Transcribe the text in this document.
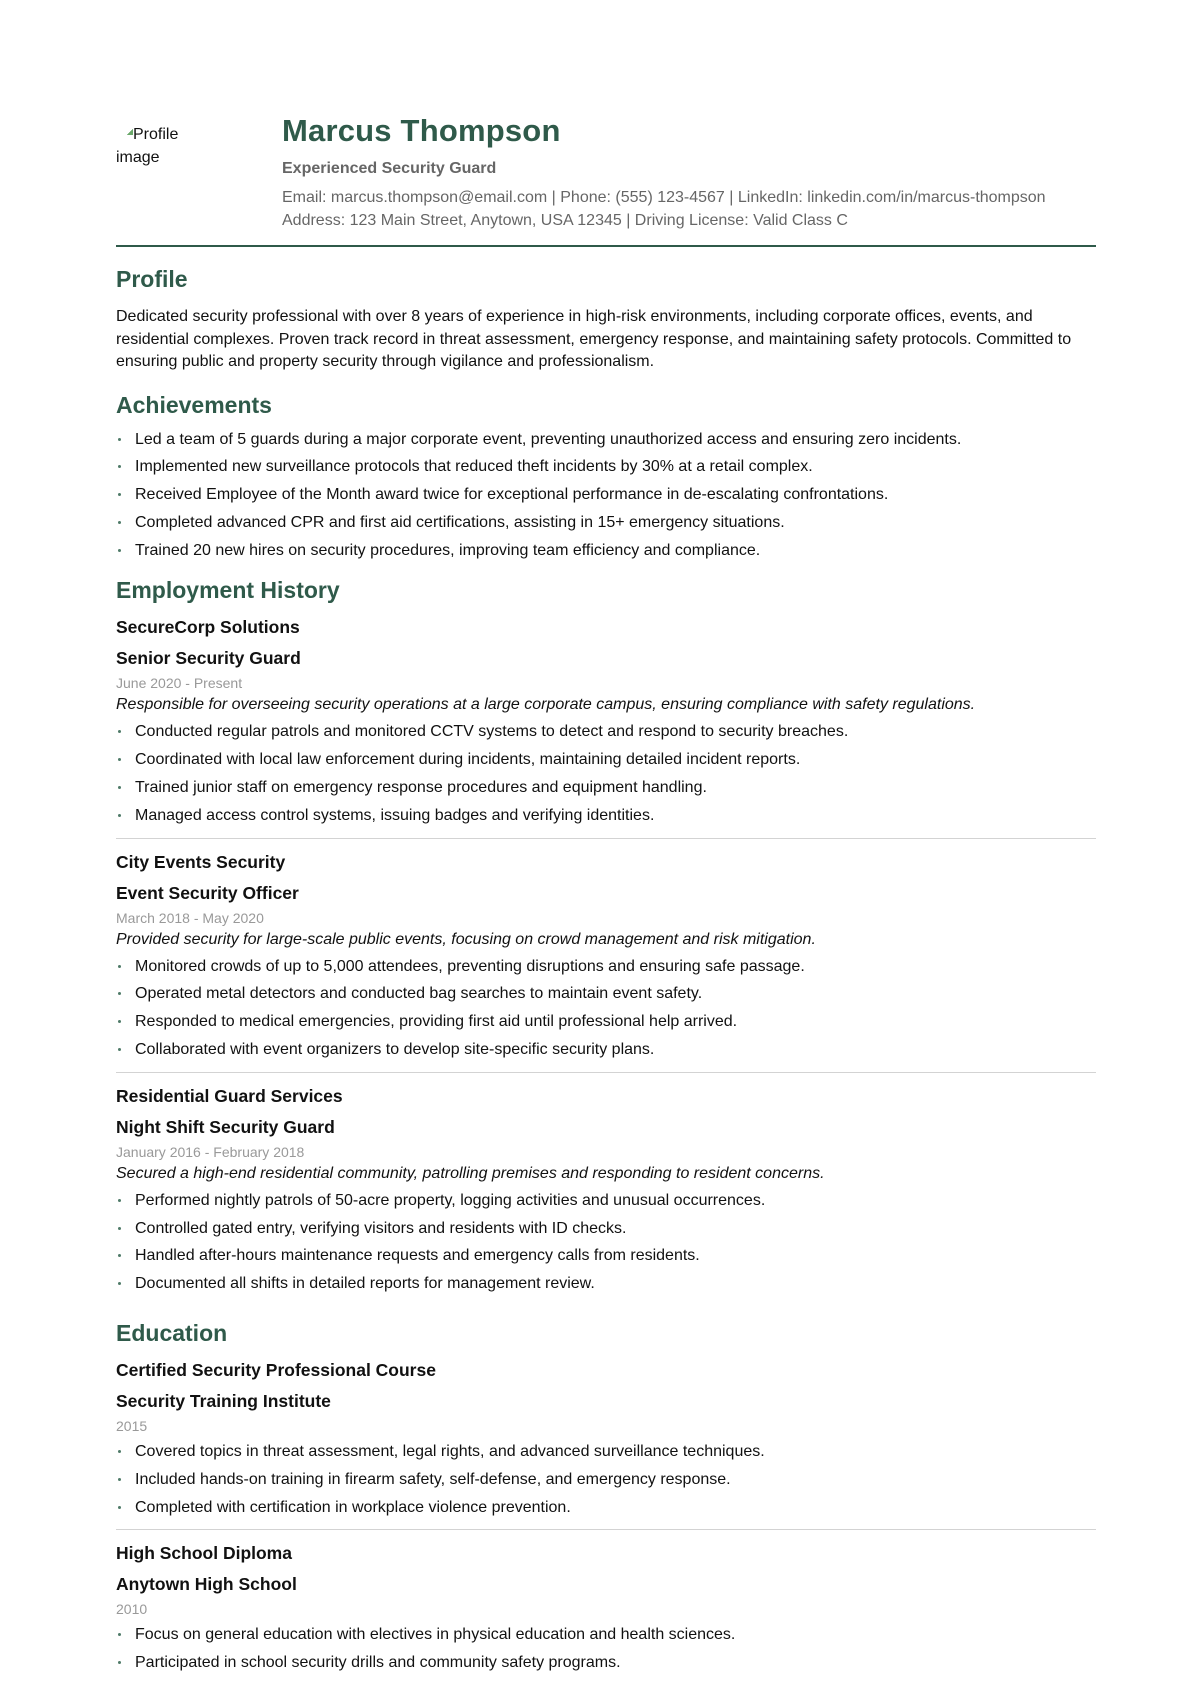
Profile
image
Marcus Thompson
Experienced Security Guard
Email: marcus.thompson@email.com | Phone: (555) 123-4567 | LinkedIn: linkedin.com/in/marcus-thompson
Address: 123 Main Street, Anytown, USA 12345 | Driving License: Valid Class C
Profile

Dedicated security professional with over 8 years of experience in high-risk environments, including corporate offices, events, and residential complexes. Proven track record in threat assessment, emergency response, and maintaining safety protocols. Committed to ensuring public and property security through vigilance and professionalism.

Achievements
Led a team of 5 guards during a major corporate event, preventing unauthorized access and ensuring zero incidents.
Implemented new surveillance protocols that reduced theft incidents by 30% at a retail complex.
Received Employee of the Month award twice for exceptional performance in de-escalating confrontations.
Completed advanced CPR and first aid certifications, assisting in 15+ emergency situations.
Trained 20 new hires on security procedures, improving team efficiency and compliance.
Employment History
SecureCorp Solutions
Senior Security Guard
June 2020 - Present
Responsible for overseeing security operations at a large corporate campus, ensuring compliance with safety regulations.
Conducted regular patrols and monitored CCTV systems to detect and respond to security breaches.
Coordinated with local law enforcement during incidents, maintaining detailed incident reports.
Trained junior staff on emergency response procedures and equipment handling.
Managed access control systems, issuing badges and verifying identities.
City Events Security
Event Security Officer
March 2018 - May 2020
Provided security for large-scale public events, focusing on crowd management and risk mitigation.
Monitored crowds of up to 5,000 attendees, preventing disruptions and ensuring safe passage.
Operated metal detectors and conducted bag searches to maintain event safety.
Responded to medical emergencies, providing first aid until professional help arrived.
Collaborated with event organizers to develop site-specific security plans.
Residential Guard Services
Night Shift Security Guard
January 2016 - February 2018
Secured a high-end residential community, patrolling premises and responding to resident concerns.
Performed nightly patrols of 50-acre property, logging activities and unusual occurrences.
Controlled gated entry, verifying visitors and residents with ID checks.
Handled after-hours maintenance requests and emergency calls from residents.
Documented all shifts in detailed reports for management review.
Education
Certified Security Professional Course
Security Training Institute
2015
Covered topics in threat assessment, legal rights, and advanced surveillance techniques.
Included hands-on training in firearm safety, self-defense, and emergency response.
Completed with certification in workplace violence prevention.
High School Diploma
Anytown High School
2010
Focus on general education with electives in physical education and health sciences.
Participated in school security drills and community safety programs.
